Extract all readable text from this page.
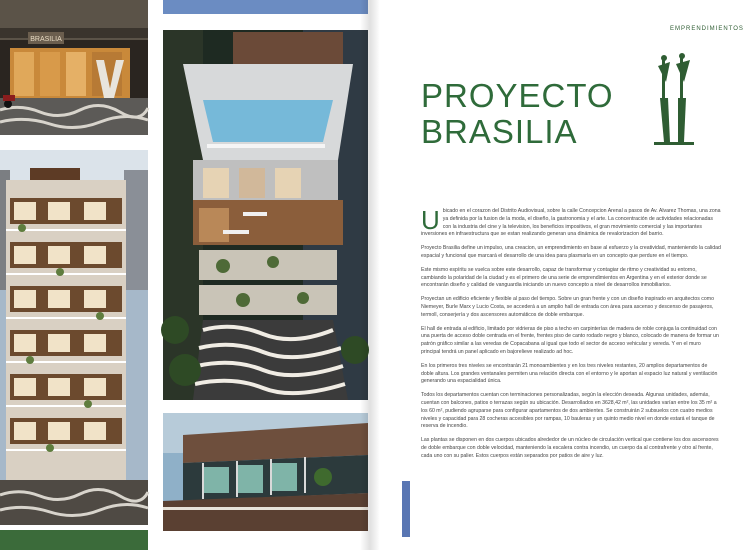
BRASILIA
EMPRENDIMIENTOS
PROYECTO
BRASILIA

Ubicado en el corazon del Distrito Audiovisual, sobre la calle Concepcion Arenal a pasos de Av. Alvarez Thomas, una zona ya definida por la fusion de la moda, el diseño, la gastronomia y el arte. La concentración de actividades relacionadas con la industria del cine y la television, los beneficios impositivos, el gran movimiento comercial y las importantes inversiones en infraestructura que se estan realizando generan una dinámica de revalorizacion del barrio.

Proyecto Brasilia define un impulso, una creacion, un emprendimiento en base al esfuerzo y la creatividad, manteniendo la calidad espacial y funcional que marcará el desarrollo de una idea para plasmarla en un concepto que perdure en el tiempo.

Este mismo espíritu se vuelca sobre este desarrollo, capaz de transformar y contagiar de ritmo y creatividad su entorno, cambiando la polaridad de la ciudad y es el primero de una serie de emprendimientos en Argentina y en el exterior donde se encontrarán diseño y calidad de vanguardia iniciando un nuevo concepto a nivel de desarrollos inmobiliarios.

Proyectan un edificio eficiente y flexible al paso del tiempo. Sobre un gran frente y con un diseño inspirado en arquitectos como Niemeyer, Burle Marx y Lucio Costa, se accederá a un amplio hall de entrada con área para ascenso y descenso de pasajeros, termoll, conserjería y dos ascensores automáticos de doble embarque.

El hall de entrada al edificio, limitado por vidrieras de piso a techo en carpinterías de madera de roble conjuga la continuidad con una puerta de acceso doble centrada en el frente, frentes piso de canto rodado negro y blanco, colocado de manera de formar un patrón gráfico similar a las veredas de Copacabana al igual que todo el sector de acceso vehicular y vereda. Y en el muro principal tendrá un panel aplicado en bajorelieve realizado ad hoc.

En los primeros tres niveles se encontrarán 21 monoambientes y en los tres niveles restantes, 20 amplios departamentos de doble altura. Los grandes ventanales permiten una relación directa con el entorno y le aportan al espacio luz natural y ventilación generando una espacialidad única.

Todos los departamentos cuentan con terminaciones personalizadas, según la elección deseada. Algunas unidades, además, cuentan con balcones, patios o terrazas según su ubicación. Desarrollados en 3628,42 m², las unidades varían entre los 35 m² a los 60 m², pudiendo agruparse para configurar apartamentos de dos ambientes. Se construirán 2 subsuelos con cuatro medios niveles y capacidad para 28 cocheras accesibles por rampas, 10 bauleras y un quinto medio nivel en donde estará el tanque de reserva de incendio.

Las plantas se disponen en dos cuerpos ubicados alrededor de un núcleo de circulación vertical que contiene los dos ascensores de doble embarque con doble velocidad, manteniendo la escalera contra incendio, un cuerpo da al contrafrente y otro al frente, cada uno con su palier. Estos cuerpos están separados por patios de aire y luz.
